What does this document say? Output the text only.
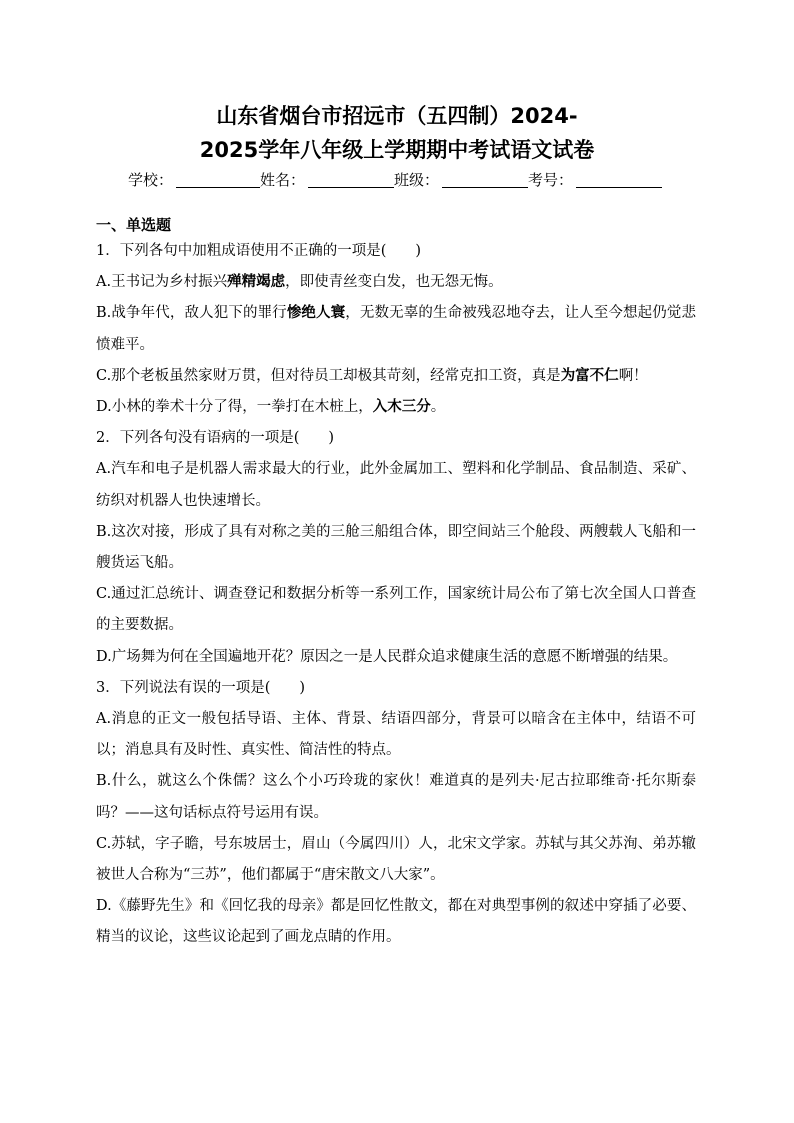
山东省烟台市招远市（五四制）2024-
2025学年八年级上学期期中考试语文试卷
学校：	姓名：	班级：	考号：
一、单选题
1．下列各句中加粗成语使用不正确的一项是(　　)
A.王书记为乡村振兴殚精竭虑，即使青丝变白发，也无怨无悔。
B.战争年代，敌人犯下的罪行惨绝人寰，无数无辜的生命被残忍地夺去，让人至今想起仍觉悲愤难平。
C.那个老板虽然家财万贯，但对待员工却极其苛刻，经常克扣工资，真是为富不仁啊！
D.小林的拳术十分了得，一拳打在木桩上，入木三分。
2．下列各句没有语病的一项是(　　)
A.汽车和电子是机器人需求最大的行业，此外金属加工、塑料和化学制品、食品制造、采矿、纺织对机器人也快速增长。
B.这次对接，形成了具有对称之美的三舱三船组合体，即空间站三个舱段、两艘载人飞船和一艘货运飞船。
C.通过汇总统计、调查登记和数据分析等一系列工作，国家统计局公布了第七次全国人口普查的主要数据。
D.广场舞为何在全国遍地开花？原因之一是人民群众追求健康生活的意愿不断增强的结果。
3．下列说法有误的一项是(　　)
A.消息的正文一般包括导语、主体、背景、结语四部分，背景可以暗含在主体中，结语不可以；消息具有及时性、真实性、简洁性的特点。
B.什么，就这么个侏儒？这么个小巧玲珑的家伙！难道真的是列夫·尼古拉耶维奇·托尔斯泰吗？——这句话标点符号运用有误。
C.苏轼，字子瞻，号东坡居士，眉山（今属四川）人，北宋文学家。苏轼与其父苏洵、弟苏辙被世人合称为“三苏”，他们都属于“唐宋散文八大家”。
D.《藤野先生》和《回忆我的母亲》都是回忆性散文，都在对典型事例的叙述中穿插了必要、精当的议论，这些议论起到了画龙点睛的作用。
